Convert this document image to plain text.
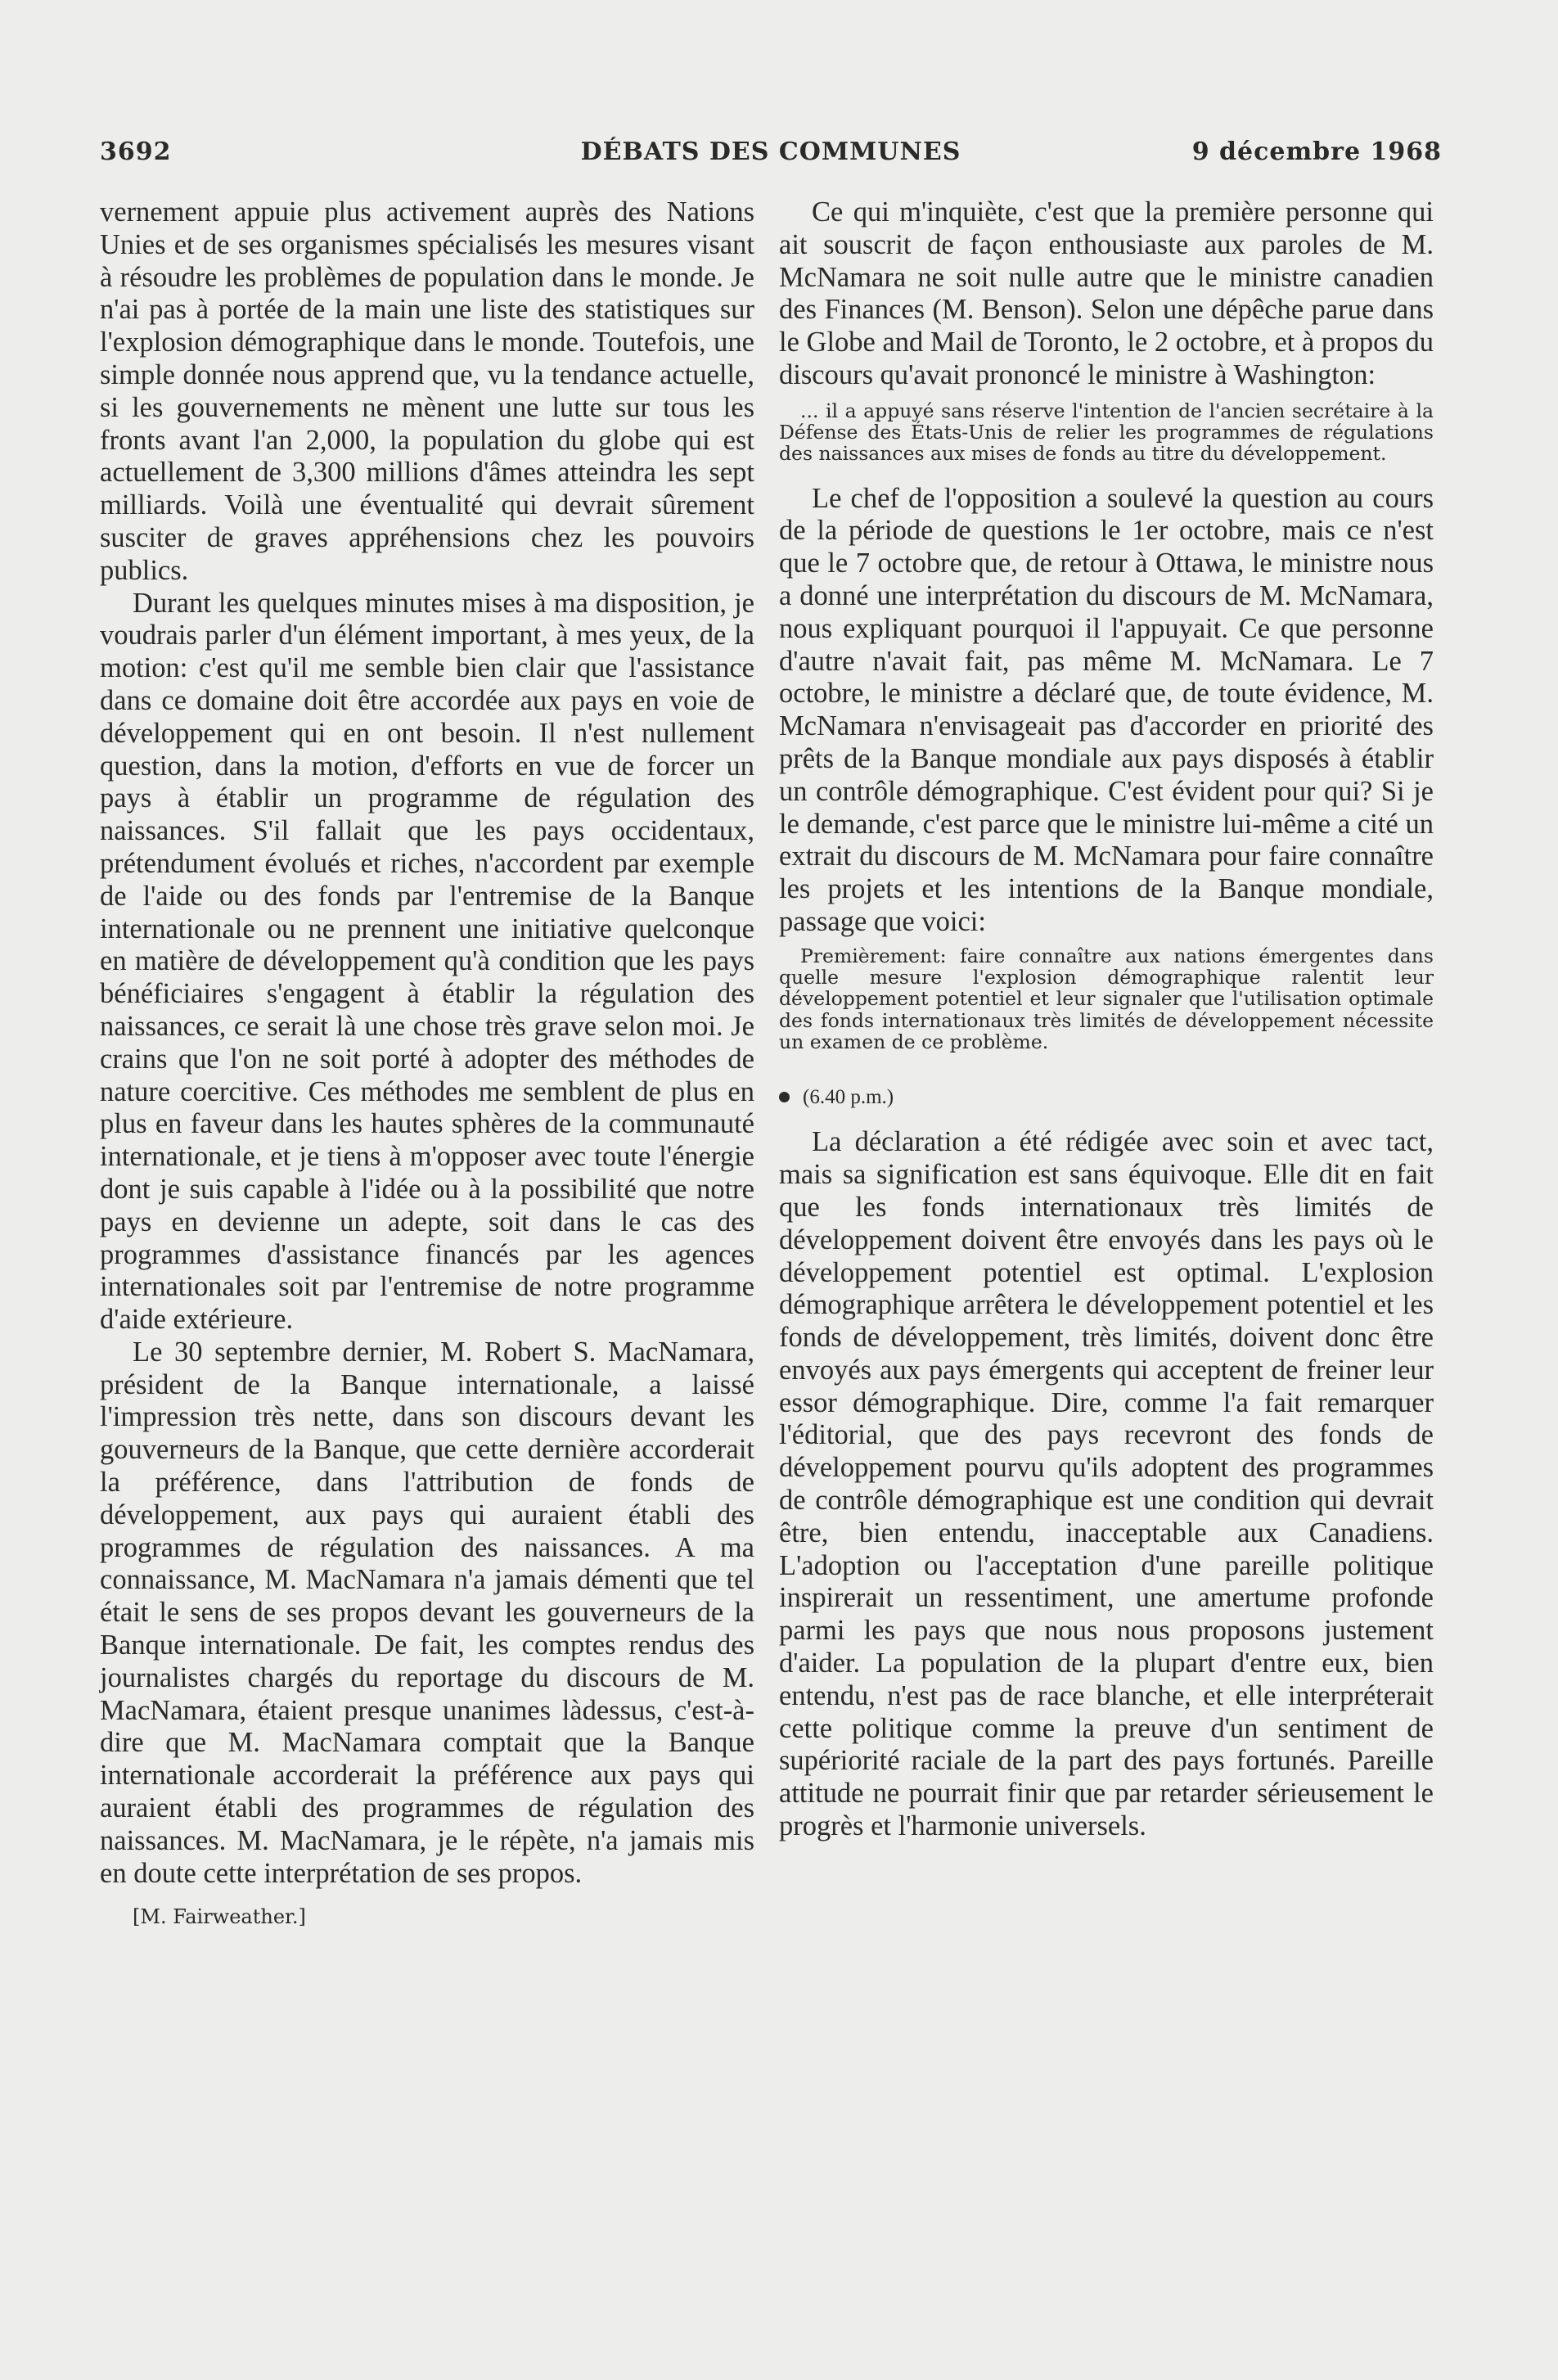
3692	DÉBATS DES COMMUNES	9 décembre 1968

vernement appuie plus activement auprès des Nations Unies et de ses organismes spécialisés les mesures visant à résoudre les problèmes de population dans le monde. Je n'ai pas à portée de la main une liste des statistiques sur l'explosion démographique dans le monde. Toutefois, une simple donnée nous apprend que, vu la tendance actuelle, si les gouvernements ne mènent une lutte sur tous les fronts avant l'an 2,000, la population du globe qui est actuellement de 3,300 millions d'âmes atteindra les sept milliards. Voilà une éventualité qui devrait sûrement susciter de graves appréhensions chez les pouvoirs publics.

Durant les quelques minutes mises à ma disposition, je voudrais parler d'un élément important, à mes yeux, de la motion: c'est qu'il me semble bien clair que l'assistance dans ce domaine doit être accordée aux pays en voie de développement qui en ont besoin. Il n'est nullement question, dans la motion, d'efforts en vue de forcer un pays à établir un programme de régulation des naissances. S'il fallait que les pays occidentaux, prétendument évolués et riches, n'accordent par exemple de l'aide ou des fonds par l'entremise de la Banque internationale ou ne prennent une initiative quelconque en matière de développement qu'à condition que les pays bénéficiaires s'engagent à établir la régulation des naissances, ce serait là une chose très grave selon moi. Je crains que l'on ne soit porté à adopter des méthodes de nature coercitive. Ces méthodes me semblent de plus en plus en faveur dans les hautes sphères de la communauté internationale, et je tiens à m'opposer avec toute l'énergie dont je suis capable à l'idée ou à la possibilité que notre pays en devienne un adepte, soit dans le cas des programmes d'assistance financés par les agences internationales soit par l'entremise de notre programme d'aide extérieure.

Le 30 septembre dernier, M. Robert S. MacNamara, président de la Banque internationale, a laissé l'impression très nette, dans son discours devant les gouverneurs de la Banque, que cette dernière accorderait la préférence, dans l'attribution de fonds de développement, aux pays qui auraient établi des programmes de régulation des naissances. A ma connaissance, M. MacNamara n'a jamais démenti que tel était le sens de ses propos devant les gouverneurs de la Banque internationale. De fait, les comptes rendus des journalistes chargés du reportage du discours de M. MacNamara, étaient presque unanimes làdessus, c'est-à-dire que M. MacNamara comptait que la Banque internationale accorderait la préférence aux pays qui auraient établi des programmes de régulation des naissances. M. MacNamara, je le répète, n'a jamais mis en doute cette interprétation de ses propos.

[M. Fairweather.]

Ce qui m'inquiète, c'est que la première personne qui ait souscrit de façon enthousiaste aux paroles de M. McNamara ne soit nulle autre que le ministre canadien des Finances (M. Benson). Selon une dépêche parue dans le Globe and Mail de Toronto, le 2 octobre, et à propos du discours qu'avait prononcé le ministre à Washington:

... il a appuyé sans réserve l'intention de l'ancien secrétaire à la Défense des États-Unis de relier les programmes de régulations des naissances aux mises de fonds au titre du développement.

Le chef de l'opposition a soulevé la question au cours de la période de questions le 1er octobre, mais ce n'est que le 7 octobre que, de retour à Ottawa, le ministre nous a donné une interprétation du discours de M. McNamara, nous expliquant pourquoi il l'appuyait. Ce que personne d'autre n'avait fait, pas même M. McNamara. Le 7 octobre, le ministre a déclaré que, de toute évidence, M. McNamara n'envisageait pas d'accorder en priorité des prêts de la Banque mondiale aux pays disposés à établir un contrôle démographique. C'est évident pour qui? Si je le demande, c'est parce que le ministre lui-même a cité un extrait du discours de M. McNamara pour faire connaître les projets et les intentions de la Banque mondiale, passage que voici:

Premièrement: faire connaître aux nations émergentes dans quelle mesure l'explosion démographique ralentit leur développement potentiel et leur signaler que l'utilisation optimale des fonds internationaux très limités de développement nécessite un examen de ce problème.
(6.40 p.m.)

La déclaration a été rédigée avec soin et avec tact, mais sa signification est sans équivoque. Elle dit en fait que les fonds internationaux très limités de développement doivent être envoyés dans les pays où le développement potentiel est optimal. L'explosion démographique arrêtera le développement potentiel et les fonds de développement, très limités, doivent donc être envoyés aux pays émergents qui acceptent de freiner leur essor démographique. Dire, comme l'a fait remarquer l'éditorial, que des pays recevront des fonds de développement pourvu qu'ils adoptent des programmes de contrôle démographique est une condition qui devrait être, bien entendu, inacceptable aux Canadiens. L'adoption ou l'acceptation d'une pareille politique inspirerait un ressentiment, une amertume profonde parmi les pays que nous nous proposons justement d'aider. La population de la plupart d'entre eux, bien entendu, n'est pas de race blanche, et elle interpréterait cette politique comme la preuve d'un sentiment de supériorité raciale de la part des pays fortunés. Pareille attitude ne pourrait finir que par retarder sérieusement le progrès et l'harmonie universels.
